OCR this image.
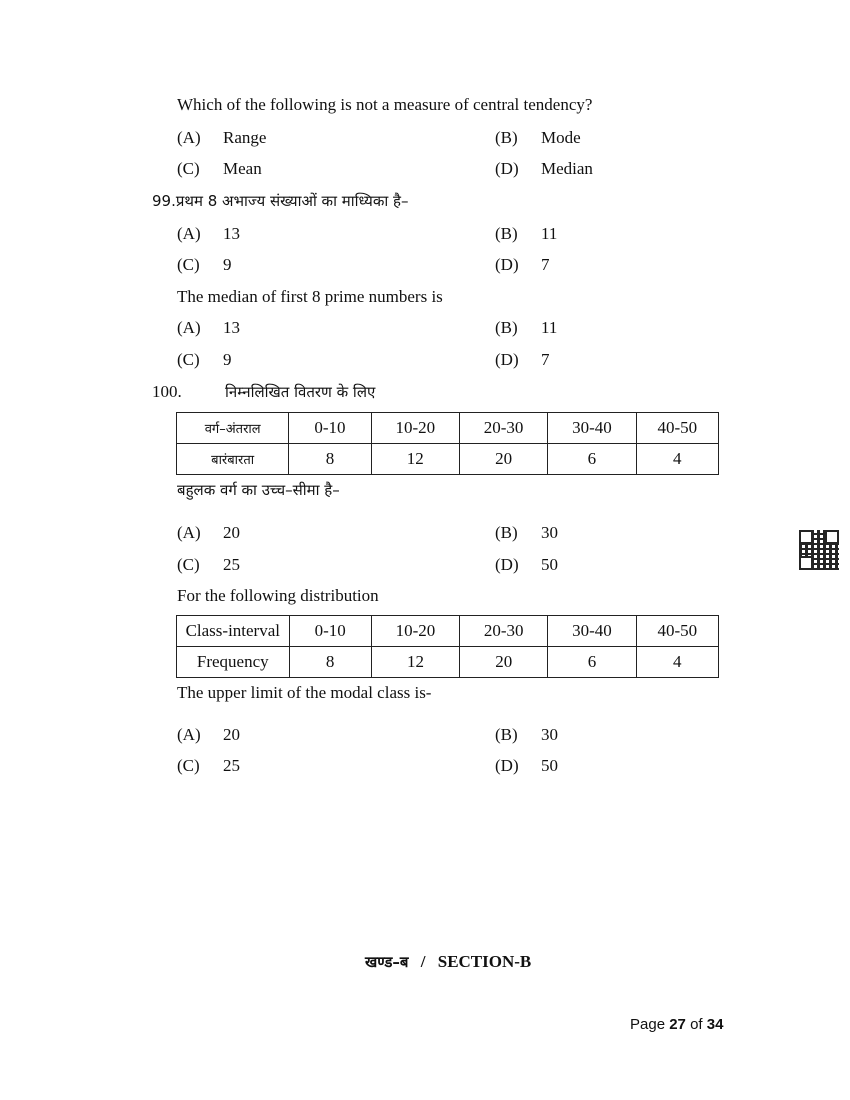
Which of the following is not a measure of central tendency?
(A) Range	(B) Mode
(C) Mean	(D) Median
99.प्रथम 8 अभाज्य संख्याओं का माध्यिका है–
(A) 13	(B) 11
(C) 9	(D) 7
The median of first 8 prime numbers is
(A) 13	(B) 11
(C) 9	(D) 7
100.	निम्नलिखित वितरण के लिए
वर्ग–अंतराल	0-10	10-20	20-30	30-40	40-50
बारंबारता	8	12	20	6	4
बहुलक वर्ग का उच्च–सीमा है–
(A) 20	(B) 30
(C) 25	(D) 50
For the following distribution
Class-interval	0-10	10-20	20-30	30-40	40-50
Frequency	8	12	20	6	4
The upper limit of the modal class is-
(A) 20	(B) 30
(C) 25	(D) 50
खण्ड–ब / SECTION-B
Page 27 of 34
